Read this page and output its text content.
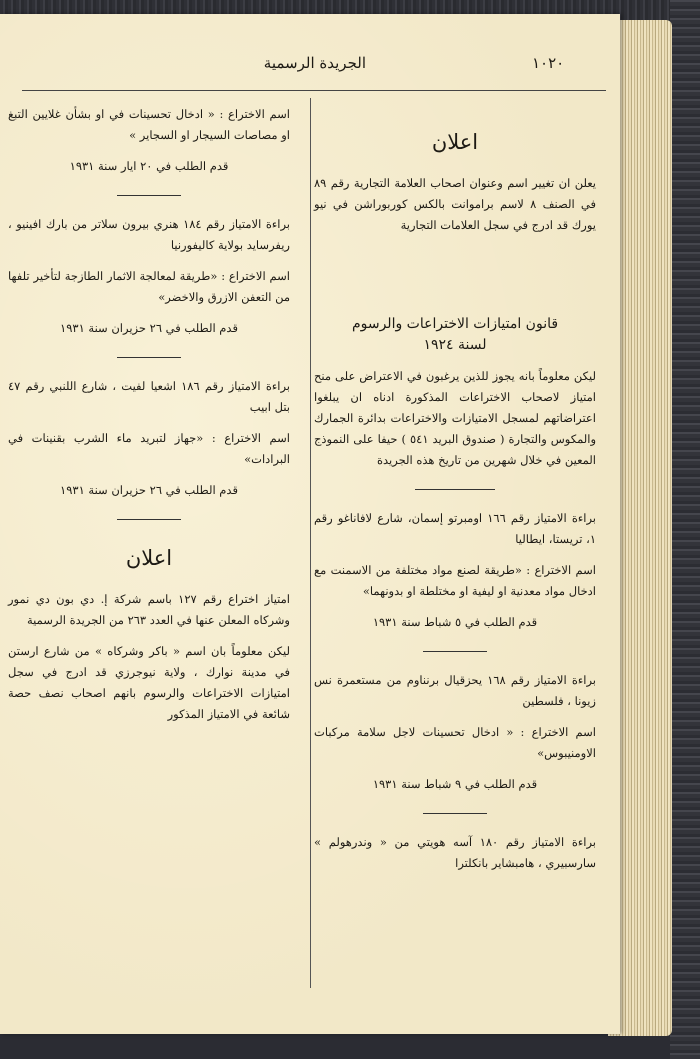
الجريدة الرسمية	١٠٢٠
اعلان

يعلن ان تغيير اسم وعنوان اصحاب العلامة التجارية رقم ٨٩ في الصنف ٨ لاسم براموانت بالكس كوربوراشن في نيو يورك قد ادرج في سجل العلامات التجارية

قانون امتيازات الاختراعات والرسوم

لسنة ١٩٢٤

ليكن معلوماً بانه يجوز للذين يرغبون في الاعتراض على منح امتياز لاصحاب الاختراعات المذكورة ادناه ان يبلغوا اعتراضاتهم لمسجل الامتيازات والاختراعات بدائرة الجمارك والمكوس والتجارة ( صندوق البريد ٥٤١ ) حيفا على النموذج المعين في خلال شهرين من تاريخ هذه الجريدة

براءة الامتياز رقم ١٦٦ اومبرتو إسمان، شارع لافاناغو رقم ١، تريستا، ايطاليا

اسم الاختراع : «طريقة لصنع مواد مختلفة من الاسمنت مع ادخال مواد معدنية او ليفية او مختلطة او بدونهما»

قدم الطلب في ٥ شباط سنة ١٩٣١

براءة الامتياز رقم ١٦٨ يحزقيال برنناوم من مستعمرة نس زيونا ، فلسطين

اسم الاختراع : « ادخال تحسينات لاجل سلامة مركبات الاومنيبوس»

قدم الطلب في ٩ شباط سنة ١٩٣١

براءة الامتياز رقم ١٨٠ آسه هويتي من « وندرهولم » سارسبيري ، هامبشاير بانكلترا

اسم الاختراع : « ادخال تحسينات في او بشأن غلايين التبغ او مصاصات السيجار او السجاير »

قدم الطلب في ٢٠ ايار سنة ١٩٣١

براءة الامتياز رقم ١٨٤ هنري بيرون سلاتر من بارك افينيو ، ريفرسايد بولاية كاليفورنيا

اسم الاختراع : «طريقة لمعالجة الاثمار الطازجة لتأخير تلفها من التعفن الازرق والاخضر»

قدم الطلب في ٢٦ حزيران سنة ١٩٣١

براءة الامتياز رقم ١٨٦ اشعيا لفيت ، شارع اللنبي رقم ٤٧ بتل ابيب

اسم الاختراع : «جهاز لتبريد ماء الشرب بقنينات في البرادات»

قدم الطلب في ٢٦ حزيران سنة ١٩٣١

اعلان

امتياز اختراع رقم ١٢٧ باسم شركة إ. دي بون دي نمور وشركاه المعلن عنها في العدد ٢٦٣ من الجريدة الرسمية

ليكن معلوماً بان اسم « باكر وشركاه » من شارع ارستن في مدينة نوارك ، ولاية نيوجرزي قد ادرج في سجل امتيازات الاختراعات والرسوم بانهم اصحاب نصف حصة شائعة في الامتياز المذكور
